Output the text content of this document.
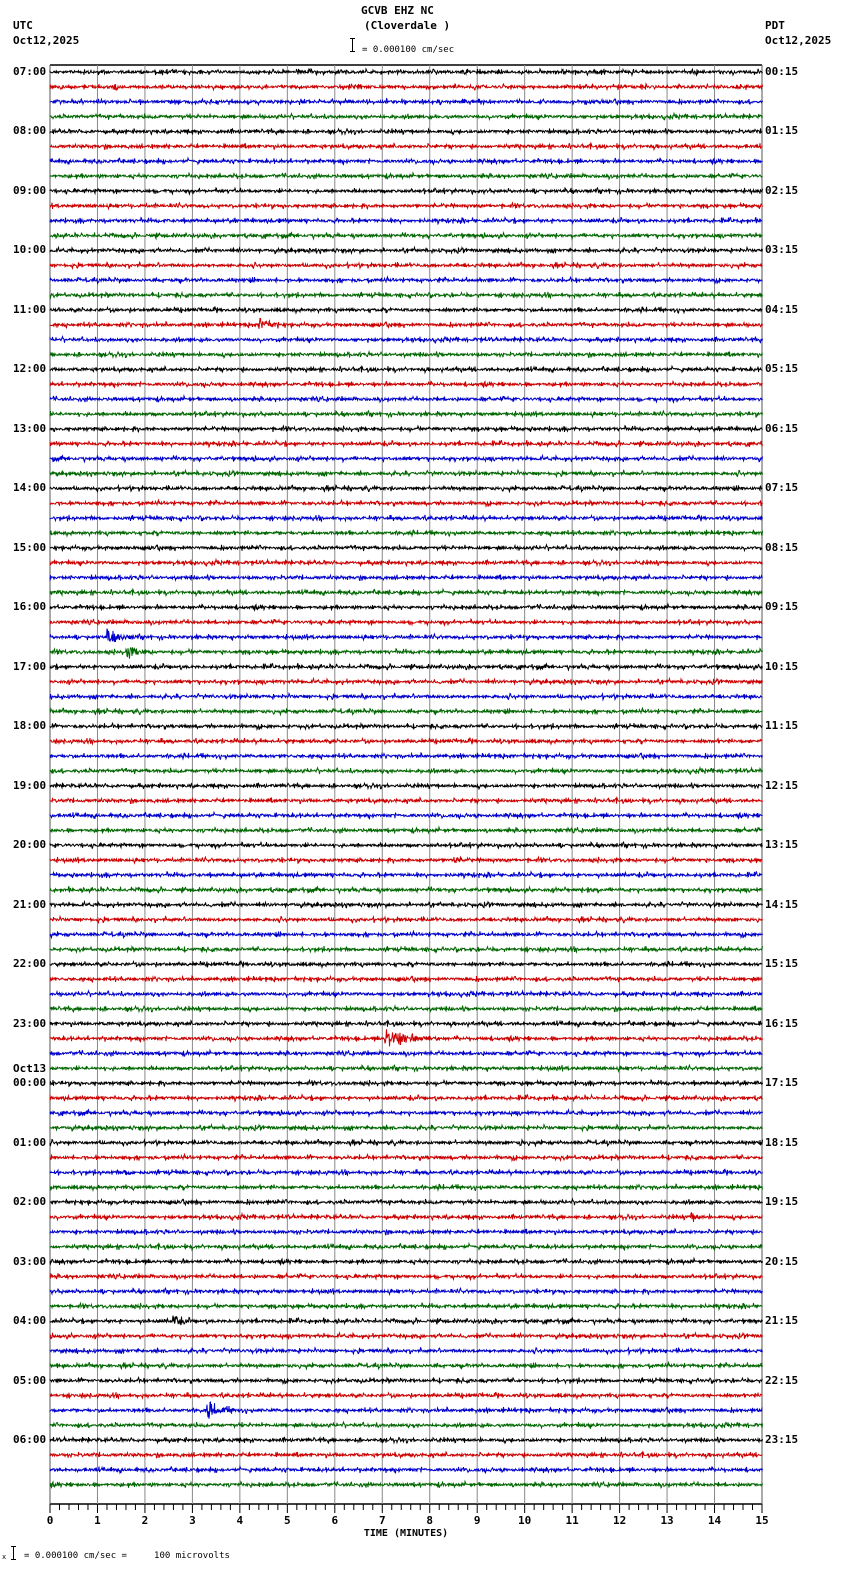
GCVB EHZ NC
(Cloverdale )
= 0.000100 cm/sec
UTC
Oct12,2025
PDT
Oct12,2025
0	1	2	3	4	5	6	7	8	9	10	11	12	13	14	15
TIME (MINUTES)
07:00	00:15
08:00	01:15
09:00	02:15
10:00	03:15
11:00	04:15
12:00	05:15
13:00	06:15
14:00	07:15
15:00	08:15
16:00	09:15
17:00	10:15
18:00	11:15
19:00	12:15
20:00	13:15
21:00	14:15
22:00	15:15
23:00	16:15
00:00	17:15
01:00	18:15
02:00	19:15
03:00	20:15
04:00	21:15
05:00	22:15
06:00	23:15
Oct13
x = 0.000100 cm/sec =     100 microvolts
